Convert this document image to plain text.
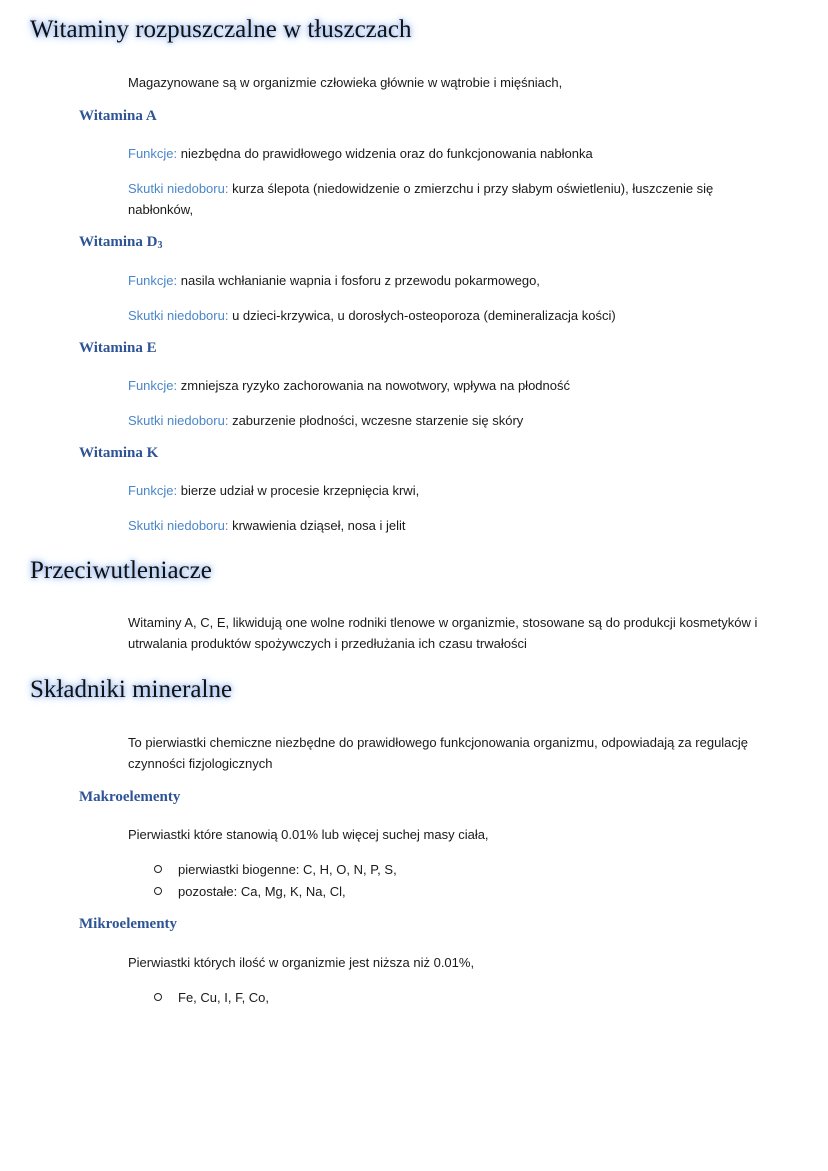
Witaminy rozpuszczalne w tłuszczach
Magazynowane są w organizmie człowieka głównie w wątrobie i mięśniach,
Witamina A
Funkcje: niezbędna do prawidłowego widzenia oraz do funkcjonowania nabłonka
Skutki niedoboru: kurza ślepota (niedowidzenie o zmierzchu i przy słabym oświetleniu), łuszczenie się nabłonków,
Witamina $D_3$
Funkcje: nasila wchłanianie wapnia i fosforu z przewodu pokarmowego,
Skutki niedoboru: u dzieci-krzywica, u dorosłych-osteoporoza (demineralizacja kości)
Witamina E
Funkcje: zmniejsza ryzyko zachorowania na nowotwory, wpływa na płodność
Skutki niedoboru: zaburzenie płodności, wczesne starzenie się skóry
Witamina K
Funkcje: bierze udział w procesie krzepnięcia krwi,
Skutki niedoboru: krwawienia dziąseł, nosa i jelit
Przeciwutleniacze
Witaminy A, C, E, likwidują one wolne rodniki tlenowe w organizmie, stosowane są do produkcji kosmetyków i utrwalania produktów spożywczych i przedłużania ich czasu trwałości
Składniki mineralne
To pierwiastki chemiczne niezbędne do prawidłowego funkcjonowania organizmu, odpowiadają za regulację czynności fizjologicznych
Makroelementy
Pierwiastki które stanowią 0.01% lub więcej suchej masy ciała,
pierwiastki biogenne: C, H, O, N, P, S,
pozostałe: Ca, Mg, K, Na, Cl,
Mikroelementy
Pierwiastki których ilość w organizmie jest niższa niż 0.01%,
Fe, Cu, I, F, Co,
